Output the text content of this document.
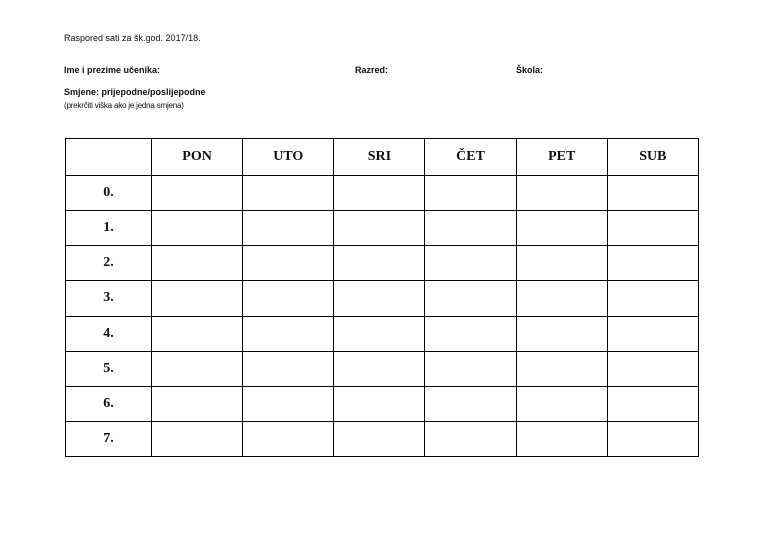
Raspored sati za šk.god. 2017/18.
Ime i prezime učenika:	Razred:	Škola:
Smjene: prijepodne/poslijepodne
(prekrčiti viška ako je jedna smjena)
	PON	UTO	SRI	ČET	PET	SUB
0.						
1.						
2.						
3.						
4.						
5.						
6.						
7.						
